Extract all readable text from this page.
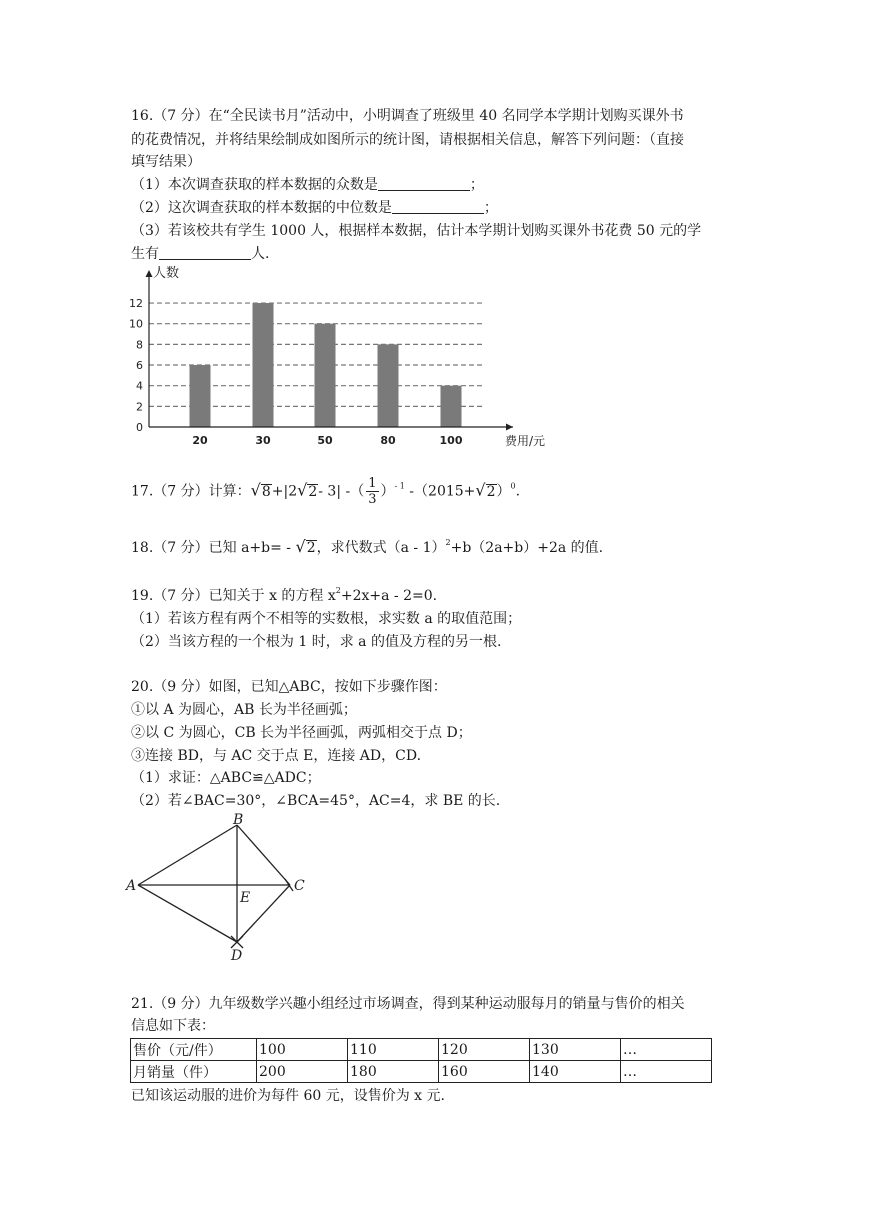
16.（7 分）在“全民读书月”活动中，小明调查了班级里 40 名同学本学期计划购买课外书
的花费情况，并将结果绘制成如图所示的统计图，请根据相关信息，解答下列问题：（直接
填写结果）
（1）本次调查获取的样本数据的众数是	；
（2）这次调查获取的样本数据的中位数是	；
（3）若该校共有学生 1000 人，根据样本数据，估计本学期计划购买课外书花费 50 元的学
生有	人.
0
2
4
6
8
10
12
20	30	50	80	100
人数
费用/元
17.（7 分）计算：√8+|2√2- 3| -（ $\frac{1}{3} )^{- 1}$ $-(2015+√2)^0$.
18.（7 分）已知 a+b= - √2，求代数式（a - 1）$^2$+b（2a+b）+2a 的值.
19.（7 分）已知关于 x 的方程 $x^2+2x+a - 2=0$.
（1）若该方程有两个不相等的实数根，求实数 a 的取值范围；
（2）当该方程的一个根为 1 时，求 a 的值及方程的另一根.
20.（9 分）如图，已知△ABC，按如下步骤作图：
①以 A 为圆心，AB 长为半径画弧；
②以 C 为圆心，CB 长为半径画弧，两弧相交于点 D；
③连接 BD，与 AC 交于点 E，连接 AD，CD.
（1）求证：△ABC≌△ADC；
（2）若∠BAC=30°，∠BCA=45°，AC=4，求 BE 的长.
B
A	C
E
D
21.（9 分）九年级数学兴趣小组经过市场调查，得到某种运动服每月的销量与售价的相关
信息如下表：
售价（元/件）	100	110	120	130	…
月销量（件）	200	180	160	140	…
已知该运动服的进价为每件 60 元，设售价为 x 元.
